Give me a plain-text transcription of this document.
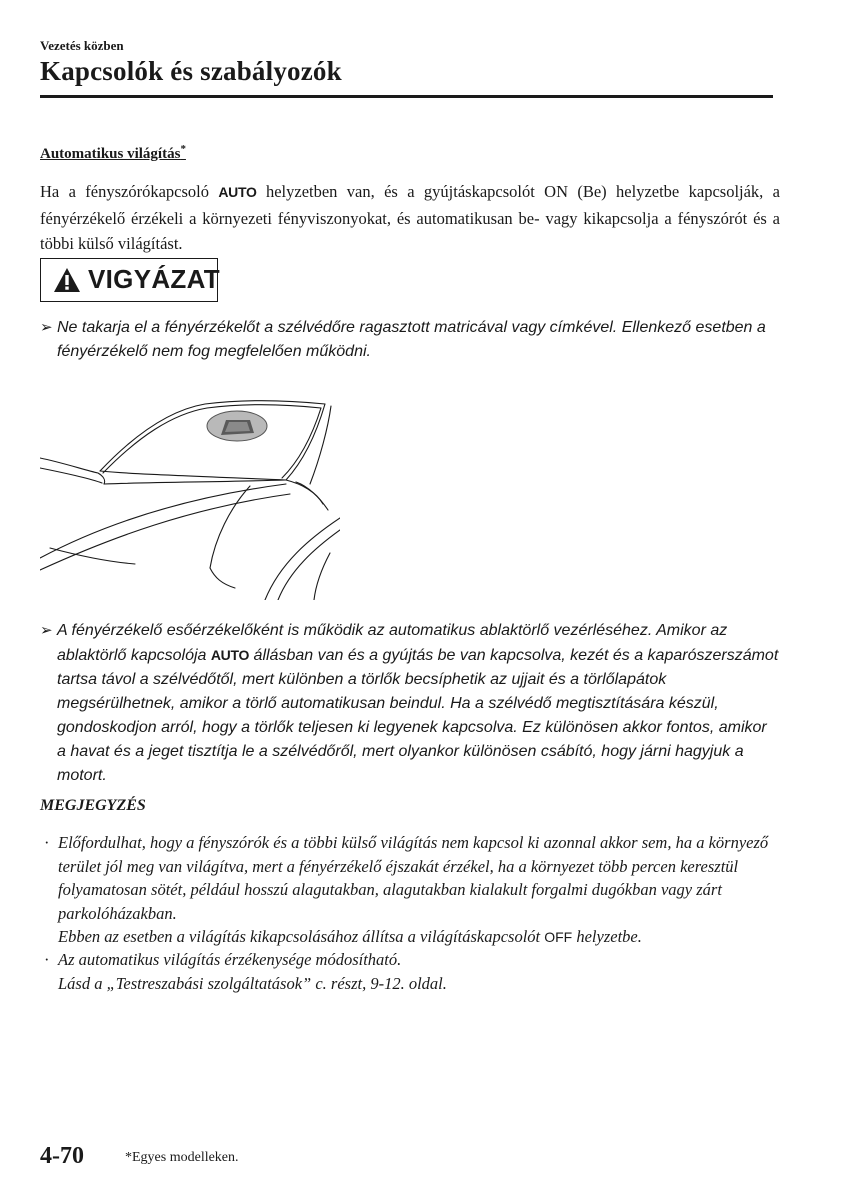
Vezetés közben
Kapcsolók és szabályozók
Automatikus világítás*

Ha a fényszórókapcsoló AUTO helyzetben van, és a gyújtáskapcsolót ON (Be) helyzetbe kapcsolják, a fényérzékelő érzékeli a környezeti fényviszonyokat, és automatikusan be- vagy kikapcsolja a fényszórót és a többi külső világítást.

VIGYÁZAT

➢ Ne takarja el a fényérzékelőt a szélvédőre ragasztott matricával vagy címkével. Ellenkező esetben a fényérzékelő nem fog megfelelően működni.

➢ A fényérzékelő esőérzékelőként is működik az automatikus ablaktörlő vezérléséhez. Amikor az ablaktörlő kapcsolója AUTO állásban van és a gyújtás be van kapcsolva, kezét és a kaparószerszámot tartsa távol a szélvédőtől, mert különben a törlők becsíphetik az ujjait és a törlőlapátok megsérülhetnek, amikor a törlő automatikusan beindul. Ha a szélvédő megtisztítására készül, gondoskodjon arról, hogy a törlők teljesen ki legyenek kapcsolva. Ez különösen akkor fontos, amikor a havat és a jeget tisztítja le a szélvédőről, mert olyankor különösen csábító, hogy járni hagyjuk a motort.

MEGJEGYZÉS

· Előfordulhat, hogy a fényszórók és a többi külső világítás nem kapcsol ki azonnal akkor sem, ha a környező terület jól meg van világítva, mert a fényérzékelő éjszakát érzékel, ha a környezet több percen keresztül folyamatosan sötét, például hosszú alagutakban, alagutakban kialakult forgalmi dugókban vagy zárt parkolóházakban.
Ebben az esetben a világítás kikapcsolásához állítsa a világításkapcsolót OFF helyzetbe.

· Az automatikus világítás érzékenysége módosítható.
Lásd a „Testreszabási szolgáltatások” c. részt, 9-12. oldal.

4-70	*Egyes modelleken.
